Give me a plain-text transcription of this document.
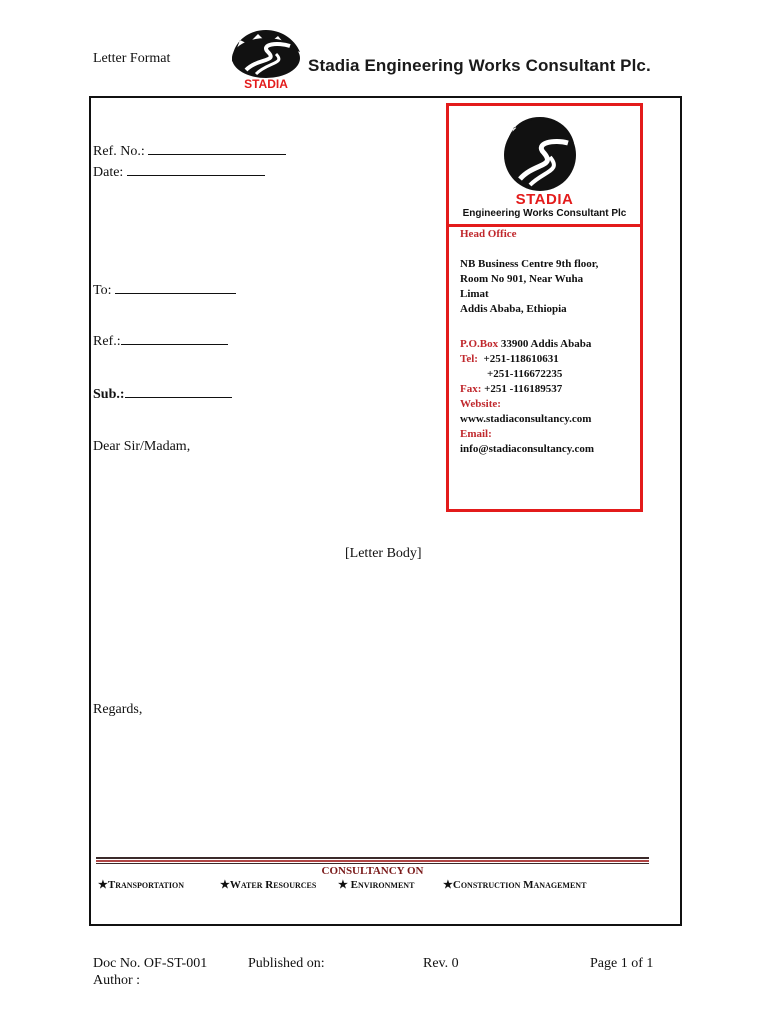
Letter Format
STADIA
Stadia Engineering Works Consultant Plc.
Ref. No.:
Date:
To:
Ref.:
Sub.:
Dear Sir/Madam,
[Letter Body]
Regards,
STADIA
Engineering Works Consultant Plc
Head Office
NB Business Centre 9th floor,
Room No 901, Near Wuha
Limat
Addis Ababa, Ethiopia
P.O.Box 33900 Addis Ababa
Tel: +251-118610631
+251-116672235
Fax: +251 -116189537
Website:
www.stadiaconsultancy.com
Email:
info@stadiaconsultancy.com
CONSULTANCY ON
★Transportation	★Water Resources ★ Environment	★Construction Management
Doc No. OF-ST-001	Published on:	Rev. 0	Page 1 of 1
Author :
